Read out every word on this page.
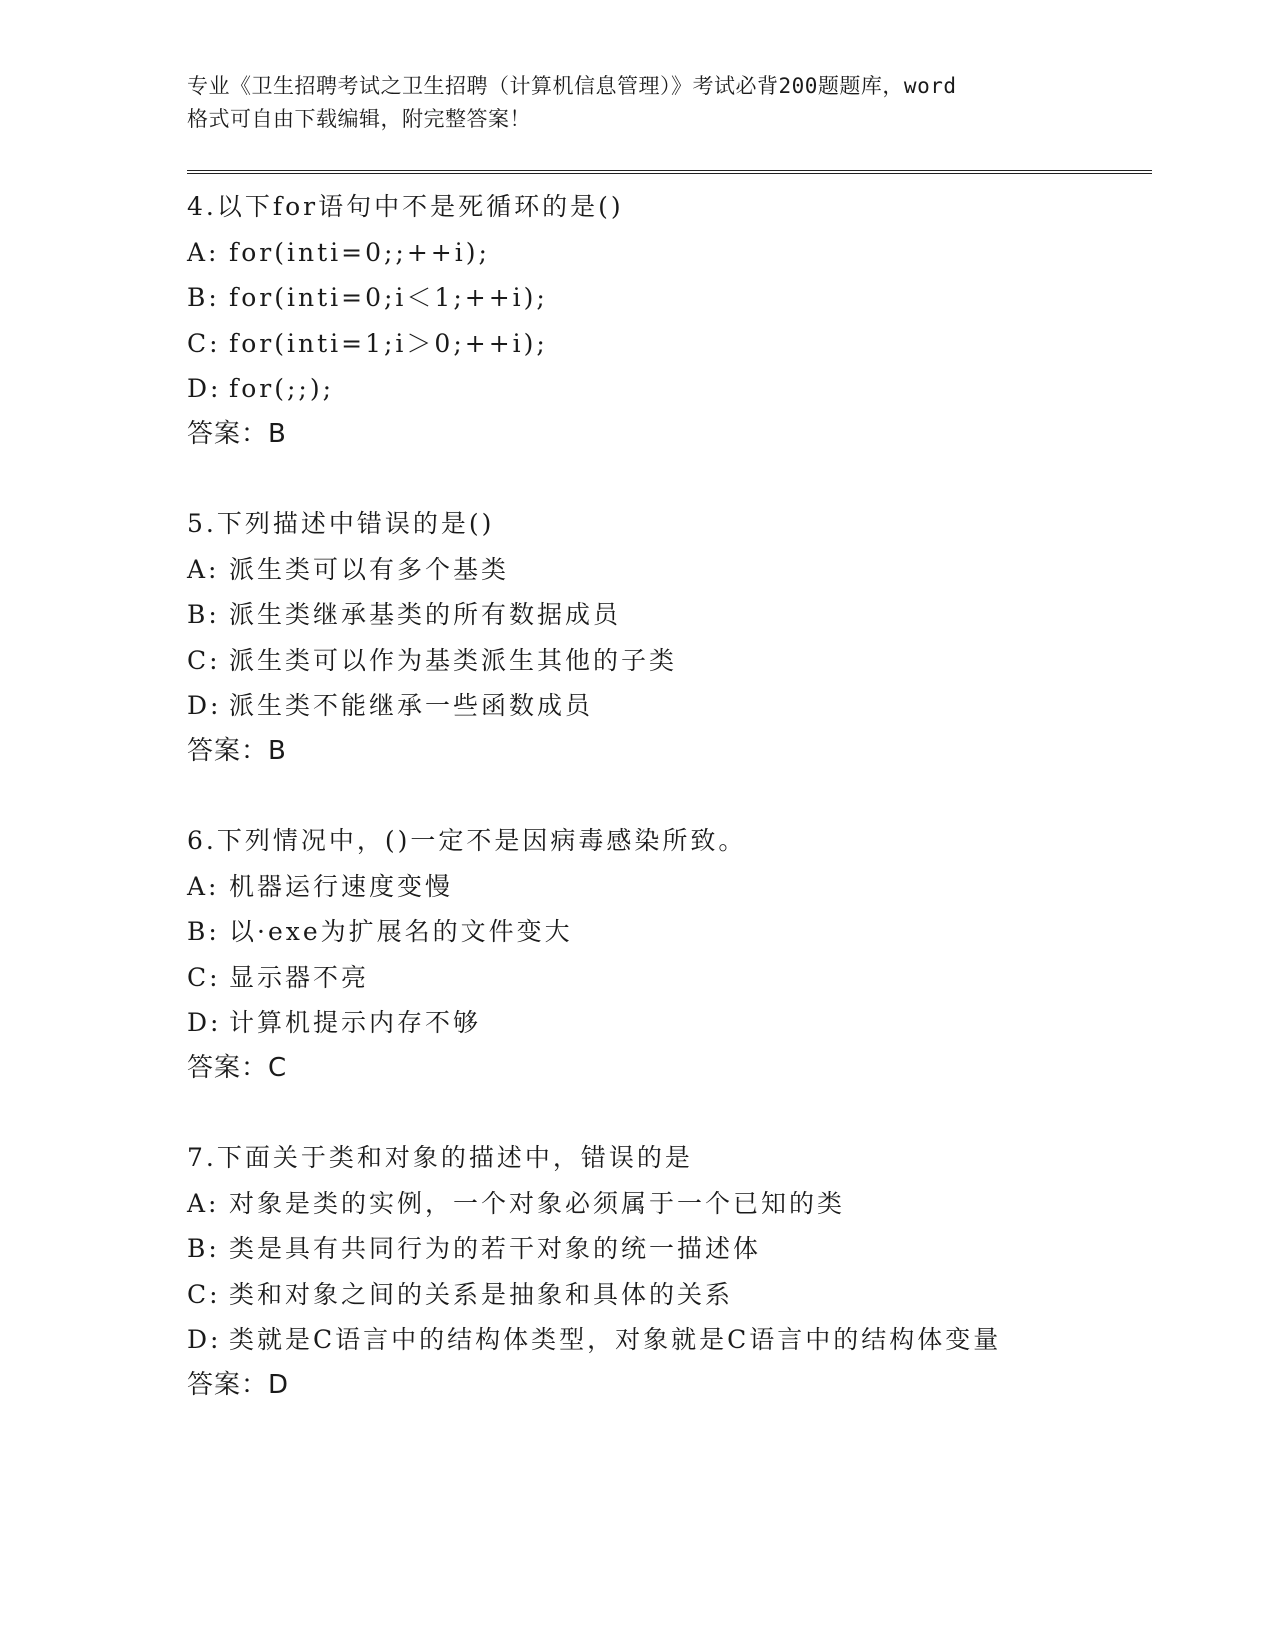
专业《卫生招聘考试之卫生招聘（计算机信息管理）》考试必背200题题库，word

格式可自由下载编辑，附完整答案！

4.以下for语句中不是死循环的是()
A: for(inti=0;;++i);
B: for(inti=0;i＜1;++i);
C: for(inti=1;i＞0;++i);
D: for(;;);
答案：B
5.下列描述中错误的是()
A: 派生类可以有多个基类
B: 派生类继承基类的所有数据成员
C: 派生类可以作为基类派生其他的子类
D: 派生类不能继承一些函数成员
答案：B
6.下列情况中，()一定不是因病毒感染所致。
A: 机器运行速度变慢
B: 以·exe为扩展名的文件变大
C: 显示器不亮
D: 计算机提示内存不够
答案：C
7.下面关于类和对象的描述中，错误的是
A: 对象是类的实例，一个对象必须属于一个已知的类
B: 类是具有共同行为的若干对象的统一描述体
C: 类和对象之间的关系是抽象和具体的关系
D: 类就是C语言中的结构体类型，对象就是C语言中的结构体变量
答案：D
